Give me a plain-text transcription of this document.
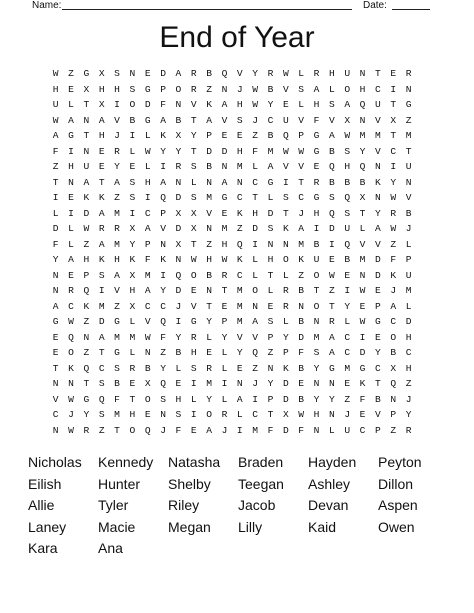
Name:	Date:
End of Year
W Z G X S N E D A R B Q V Y R W L R H U N T E R
H E X H H S G P O R Z N J W B V S A L O H C I N
U L T X I O D F N V K A H W Y E L H S A Q U T G
W A N A V B G A B T A V S J C U V F V X N V X Z
A G T H J I L K X Y P E E Z B Q P G A W M M T M
F I N E R L W Y Y T D D H F M W W G B S Y V C T
Z H U E Y E L I R S B N M L A V V E Q H Q N I U
T N A T A S H A N L N A N C G I T R B B B K Y N
I E K K Z S I Q D S M G C T L S C G S Q X N W V
L I D A M I C P X X V E K H D T J H Q S T Y R B
D L W R R X A V D X N M Z D S K A I D U L A W J
F L Z A M Y P N X T Z H Q I N N M B I Q V V Z L
Y A H K H K F K N W H W K L H O K U E B M D F P
N E P S A X M I Q O B R C L T L Z O W E N D K U
N R Q I V H A Y D E N T M O L R B T Z I W E J M
A C K M Z X C C J V T E M N E R N O T Y E P A L
G W Z D G L V Q I G Y P M A S L B N R L W G C D
E Q N A M M W F Y R L Y V V P Y D M A C I E O H
E O Z T G L N Z B H E L Y Q Z P F S A C D Y B C
T K Q C S R B Y L S R L E Z N K B Y G M G C X H
N N T S B E X Q E I M I N J Y D E N N E K T Q Z
V W G Q F T O S H L Y L A I P D B Y Y Z F B N J
C J Y S M H E N S I O R L C T X W H N J E V P Y
N W R Z T O Q J F E A J I M F D F N L U C P Z R
Nicholas	Kennedy	Natasha	Braden	Hayden	Peyton
Eilish	Hunter	Shelby	Teegan	Ashley	Dillon
Allie	Tyler	Riley	Jacob	Devan	Aspen
Laney	Macie	Megan	Lilly	Kaid	Owen
Kara	Ana
